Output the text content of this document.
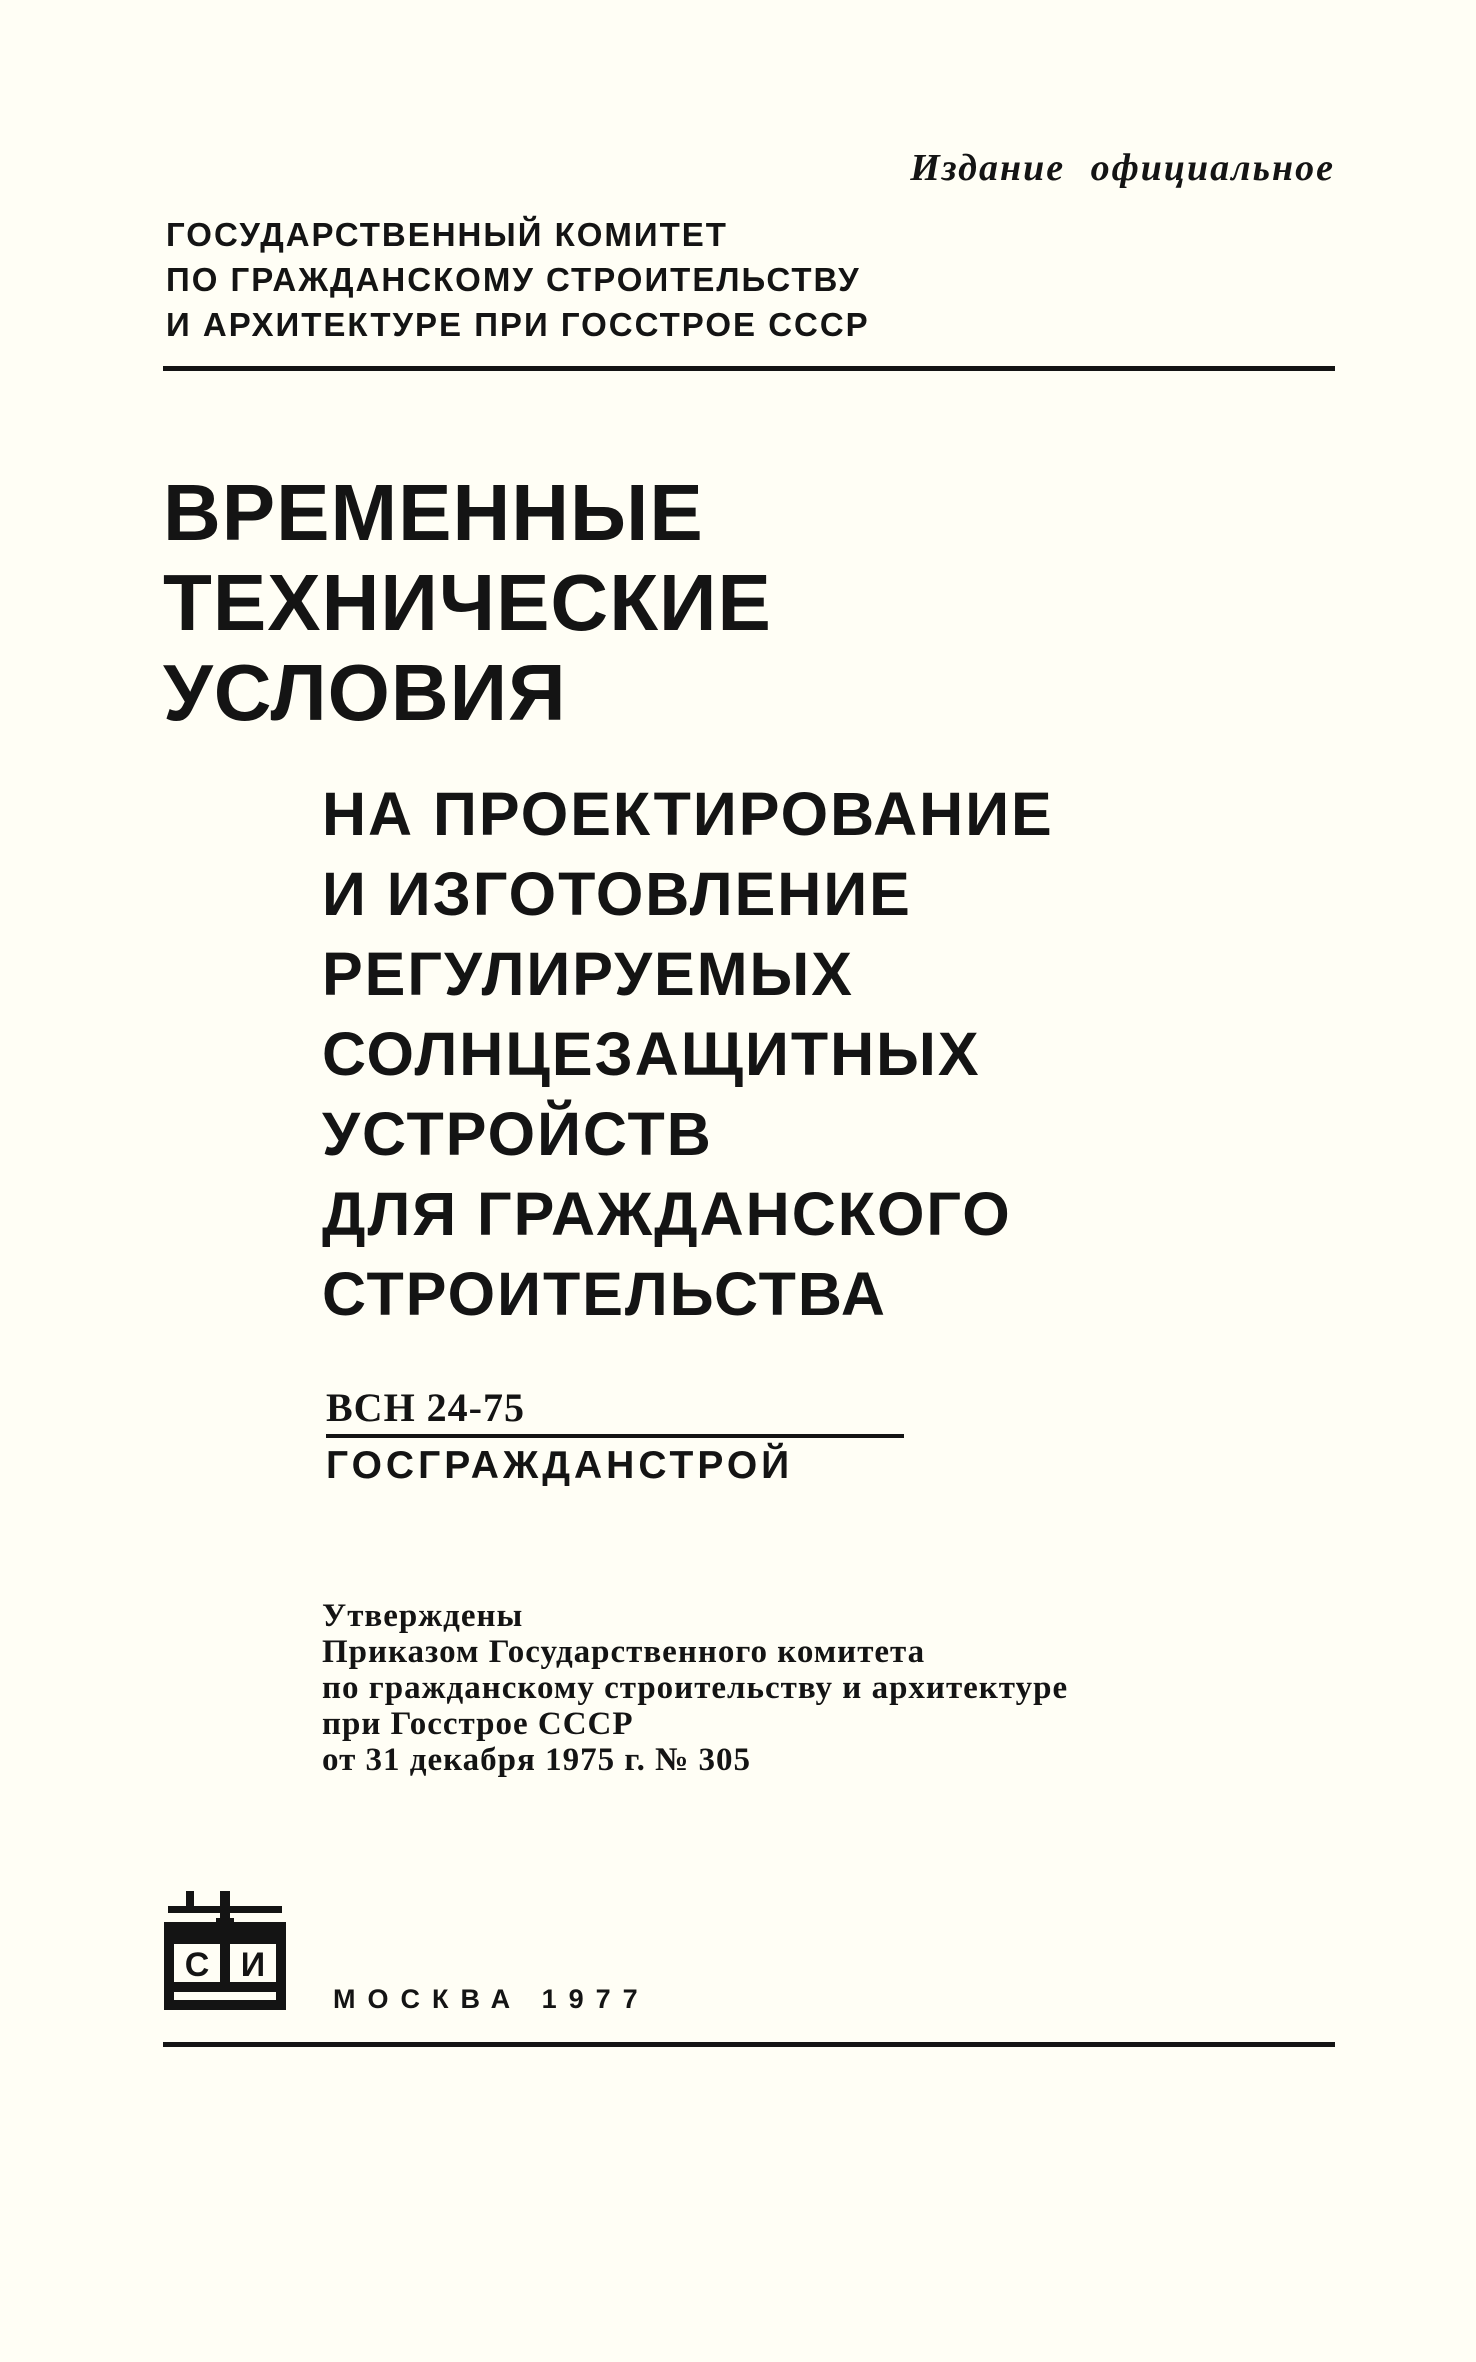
Издание официальное
ГОСУДАРСТВЕННЫЙ КОМИТЕТ
ПО ГРАЖДАНСКОМУ СТРОИТЕЛЬСТВУ
И АРХИТЕКТУРЕ ПРИ ГОССТРОЕ СССР
ВРЕМЕННЫЕ
ТЕХНИЧЕСКИЕ
УСЛОВИЯ
НА ПРОЕКТИРОВАНИЕ
И ИЗГОТОВЛЕНИЕ
РЕГУЛИРУЕМЫХ
СОЛНЦЕЗАЩИТНЫХ
УСТРОЙСТВ
ДЛЯ ГРАЖДАНСКОГО
СТРОИТЕЛЬСТВА
ВСН 24-75
ГОСГРАЖДАНСТРОЙ
Утверждены
Приказом Государственного комитета
по гражданскому строительству и архитектуре
при Госстрое СССР
от 31 декабря 1975 г. № 305
С И
МОСКВА 1977
